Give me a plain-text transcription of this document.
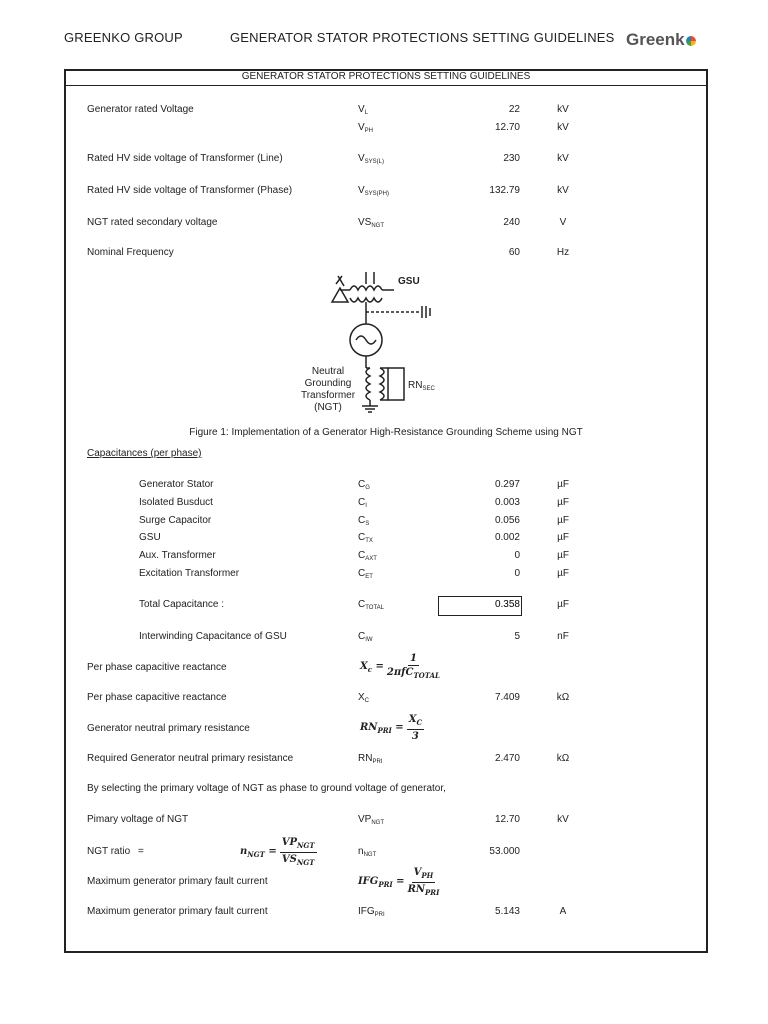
GREENKO GROUP	GENERATOR STATOR PROTECTIONS SETTING GUIDELINES Greenk
GENERATOR STATOR PROTECTIONS SETTING GUIDELINES
Generator rated Voltage	$V_L$	22	kV
$V_{PH}$	12.70	kV
Rated HV side voltage of Transformer (Line)	$V_{SYS(L)}$	230	kV
Rated HV side voltage of Transformer (Phase)	$V_{SYS(PH)}$	132.79	kV
NGT rated secondary voltage	$VS_{NGT}$	240	V
Nominal Frequency	60	Hz
GSU
$RN_{SEC}$
Neutral
Grounding
Transformer
(NGT)
Figure 1: Implementation of a Generator High-Resistance Grounding Scheme using NGT
Capacitances (per phase)
Generator Stator	$C_G$	0.297	µF
Isolated Busduct	$C_I$	0.003	µF
Surge Capacitor	$C_S$	0.056	µF
GSU	$C_{TX}$	0.002	µF
Aux. Transformer	$C_{AXT}$	0	µF
Excitation Transformer	$C_{ET}$	0	µF
Total Capacitance :	$C_{TOTAL}$	0.358	µF
Interwinding Capacitance of GSU	$C_{IW}$	5	nF
Per phase capacitive reactance	$X_c = \frac{1}{2\pi fC_{TOTAL}}$
Per phase capacitive reactance	$X_C$	7.409	kΩ
Generator neutral primary resistance	$RN_{PRI} = \frac{X_C}{3}$
Required Generator neutral primary resistance	$RN_{PRI}$	2.470	kΩ
By selecting the primary voltage of NGT as phase to ground voltage of generator,
Pimary voltage of NGT	$VP_{NGT}$	12.70	kV
NGT ratio =	$n_{NGT} = \frac{VP_{NGT}}{VS_{NGT}}$	$n_{NGT}$	53.000
Maximum generator primary fault current	$IFG_{PRI} = \frac{V_{PH}}{RN_{PRI}}$
Maximum generator primary fault current	$IFG_{PRI}$	5.143	A
